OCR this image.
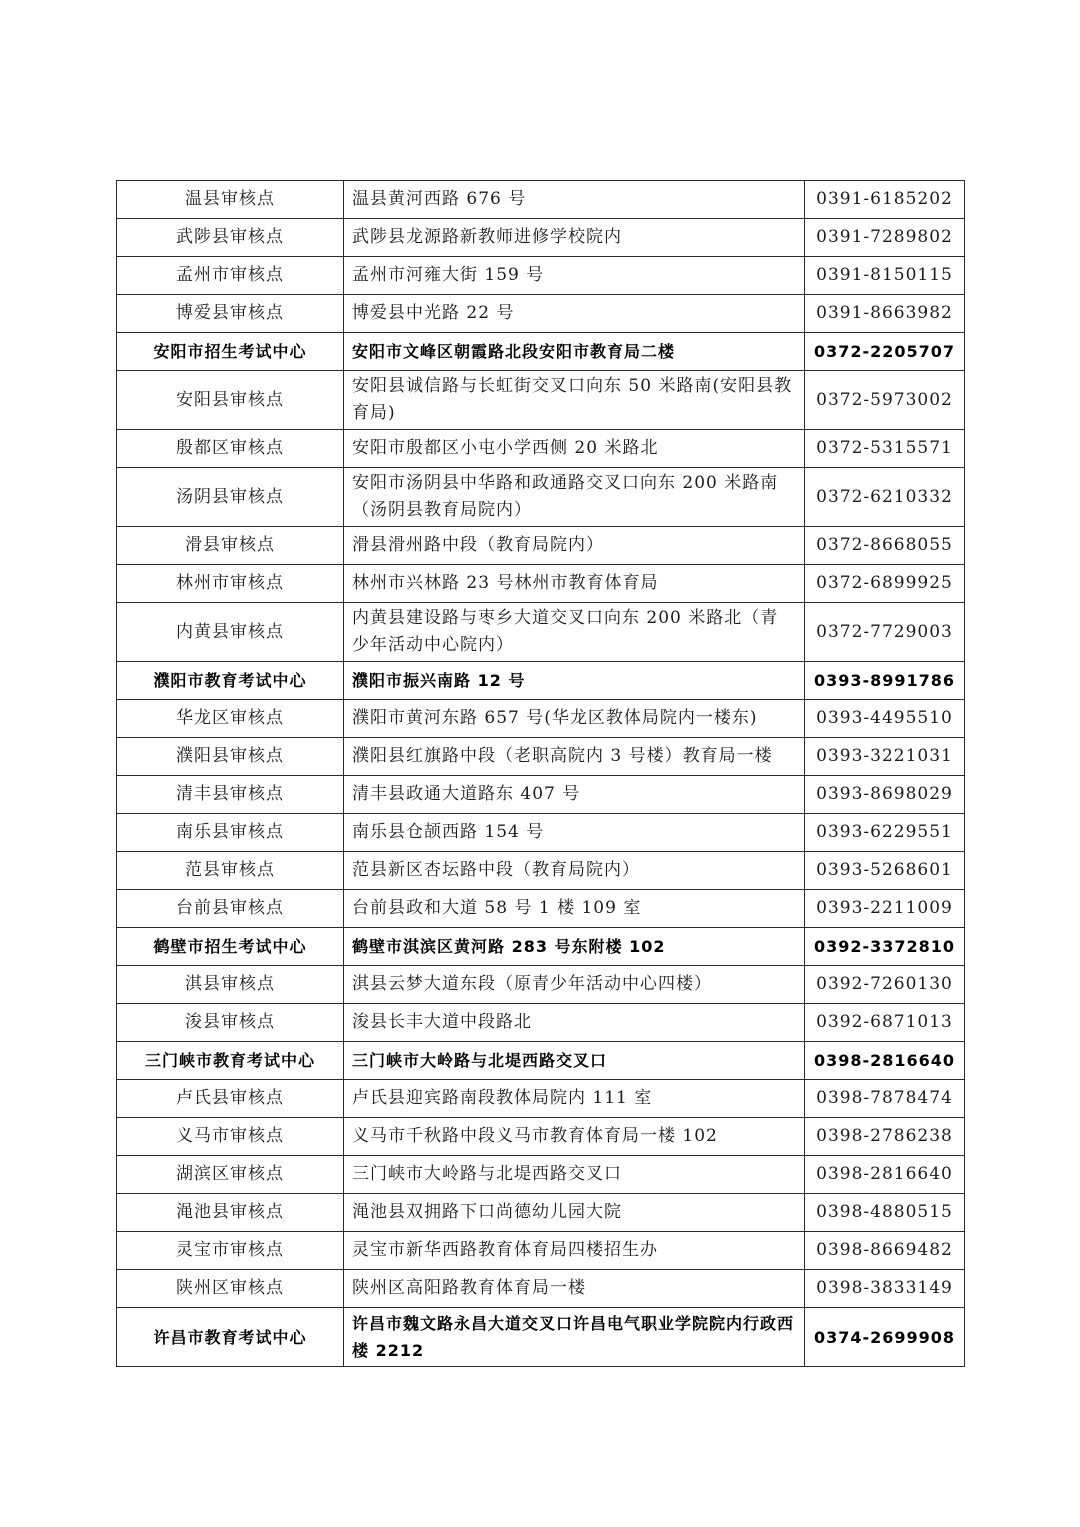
温县审核点	温县黄河西路 676 号	0391-6185202
武陟县审核点	武陟县龙源路新教师进修学校院内	0391-7289802
孟州市审核点	孟州市河雍大街 159 号	0391-8150115
博爱县审核点	博爱县中光路 22 号	0391-8663982
安阳市招生考试中心	安阳市文峰区朝霞路北段安阳市教育局二楼	0372-2205707
安阳县审核点	安阳县诚信路与长虹街交叉口向东 50 米路南(安阳县教育局)	0372-5973002
殷都区审核点	安阳市殷都区小屯小学西侧 20 米路北	0372-5315571
汤阴县审核点	安阳市汤阴县中华路和政通路交叉口向东 200 米路南（汤阴县教育局院内）	0372-6210332
滑县审核点	滑县滑州路中段（教育局院内）	0372-8668055
林州市审核点	林州市兴林路 23 号林州市教育体育局	0372-6899925
内黄县审核点	内黄县建设路与枣乡大道交叉口向东 200 米路北（青少年活动中心院内）	0372-7729003
濮阳市教育考试中心	濮阳市振兴南路 12 号	0393-8991786
华龙区审核点	濮阳市黄河东路 657 号(华龙区教体局院内一楼东)	0393-4495510
濮阳县审核点	濮阳县红旗路中段（老职高院内 3 号楼）教育局一楼	0393-3221031
清丰县审核点	清丰县政通大道路东 407 号	0393-8698029
南乐县审核点	南乐县仓颉西路 154 号	0393-6229551
范县审核点	范县新区杏坛路中段（教育局院内）	0393-5268601
台前县审核点	台前县政和大道 58 号 1 楼 109 室	0393-2211009
鹤壁市招生考试中心	鹤壁市淇滨区黄河路 283 号东附楼 102	0392-3372810
淇县审核点	淇县云梦大道东段（原青少年活动中心四楼）	0392-7260130
浚县审核点	浚县长丰大道中段路北	0392-6871013
三门峡市教育考试中心	三门峡市大岭路与北堤西路交叉口	0398-2816640
卢氏县审核点	卢氏县迎宾路南段教体局院内 111 室	0398-7878474
义马市审核点	义马市千秋路中段义马市教育体育局一楼 102	0398-2786238
湖滨区审核点	三门峡市大岭路与北堤西路交叉口	0398-2816640
渑池县审核点	渑池县双拥路下口尚德幼儿园大院	0398-4880515
灵宝市审核点	灵宝市新华西路教育体育局四楼招生办	0398-8669482
陕州区审核点	陕州区高阳路教育体育局一楼	0398-3833149
许昌市教育考试中心	许昌市魏文路永昌大道交叉口许昌电气职业学院院内行政西楼 2212	0374-2699908
